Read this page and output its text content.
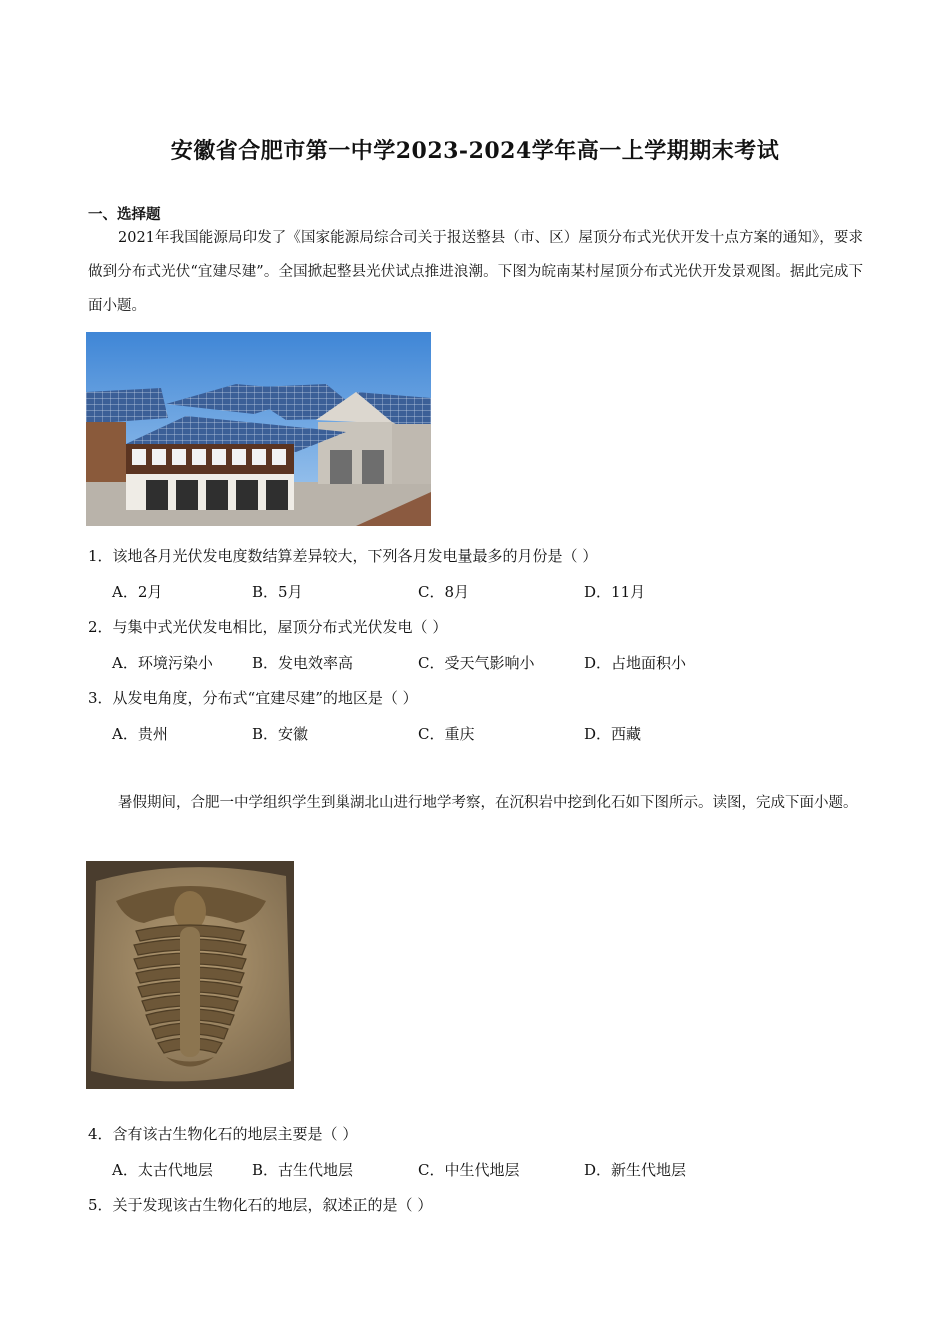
安徽省合肥市第一中学2023-2024学年高一上学期期末考试
一、选择题
2021年我国能源局印发了《国家能源局综合司关于报送整县（市、区）屋顶分布式光伏开发十点方案的通知》，要求做到分布式光伏“宜建尽建”。全国掀起整县光伏试点推进浪潮。下图为皖南某村屋顶分布式光伏开发景观图。据此完成下面小题。
1．该地各月光伏发电度数结算差异较大，下列各月发电量最多的月份是（ ）
A．2月	B．5月	C．8月	D．11月
2．与集中式光伏发电相比，屋顶分布式光伏发电（ ）
A．环境污染小	B．发电效率高	C．受天气影响小	D．占地面积小
3．从发电角度，分布式“宜建尽建”的地区是（ ）
A．贵州	B．安徽	C．重庆	D．西藏
暑假期间，合肥一中学组织学生到巢湖北山进行地学考察，在沉积岩中挖到化石如下图所示。读图，完成下面小题。
4．含有该古生物化石的地层主要是（ ）
A．太古代地层	B．古生代地层	C．中生代地层	D．新生代地层
5．关于发现该古生物化石的地层，叙述正的是（ ）
